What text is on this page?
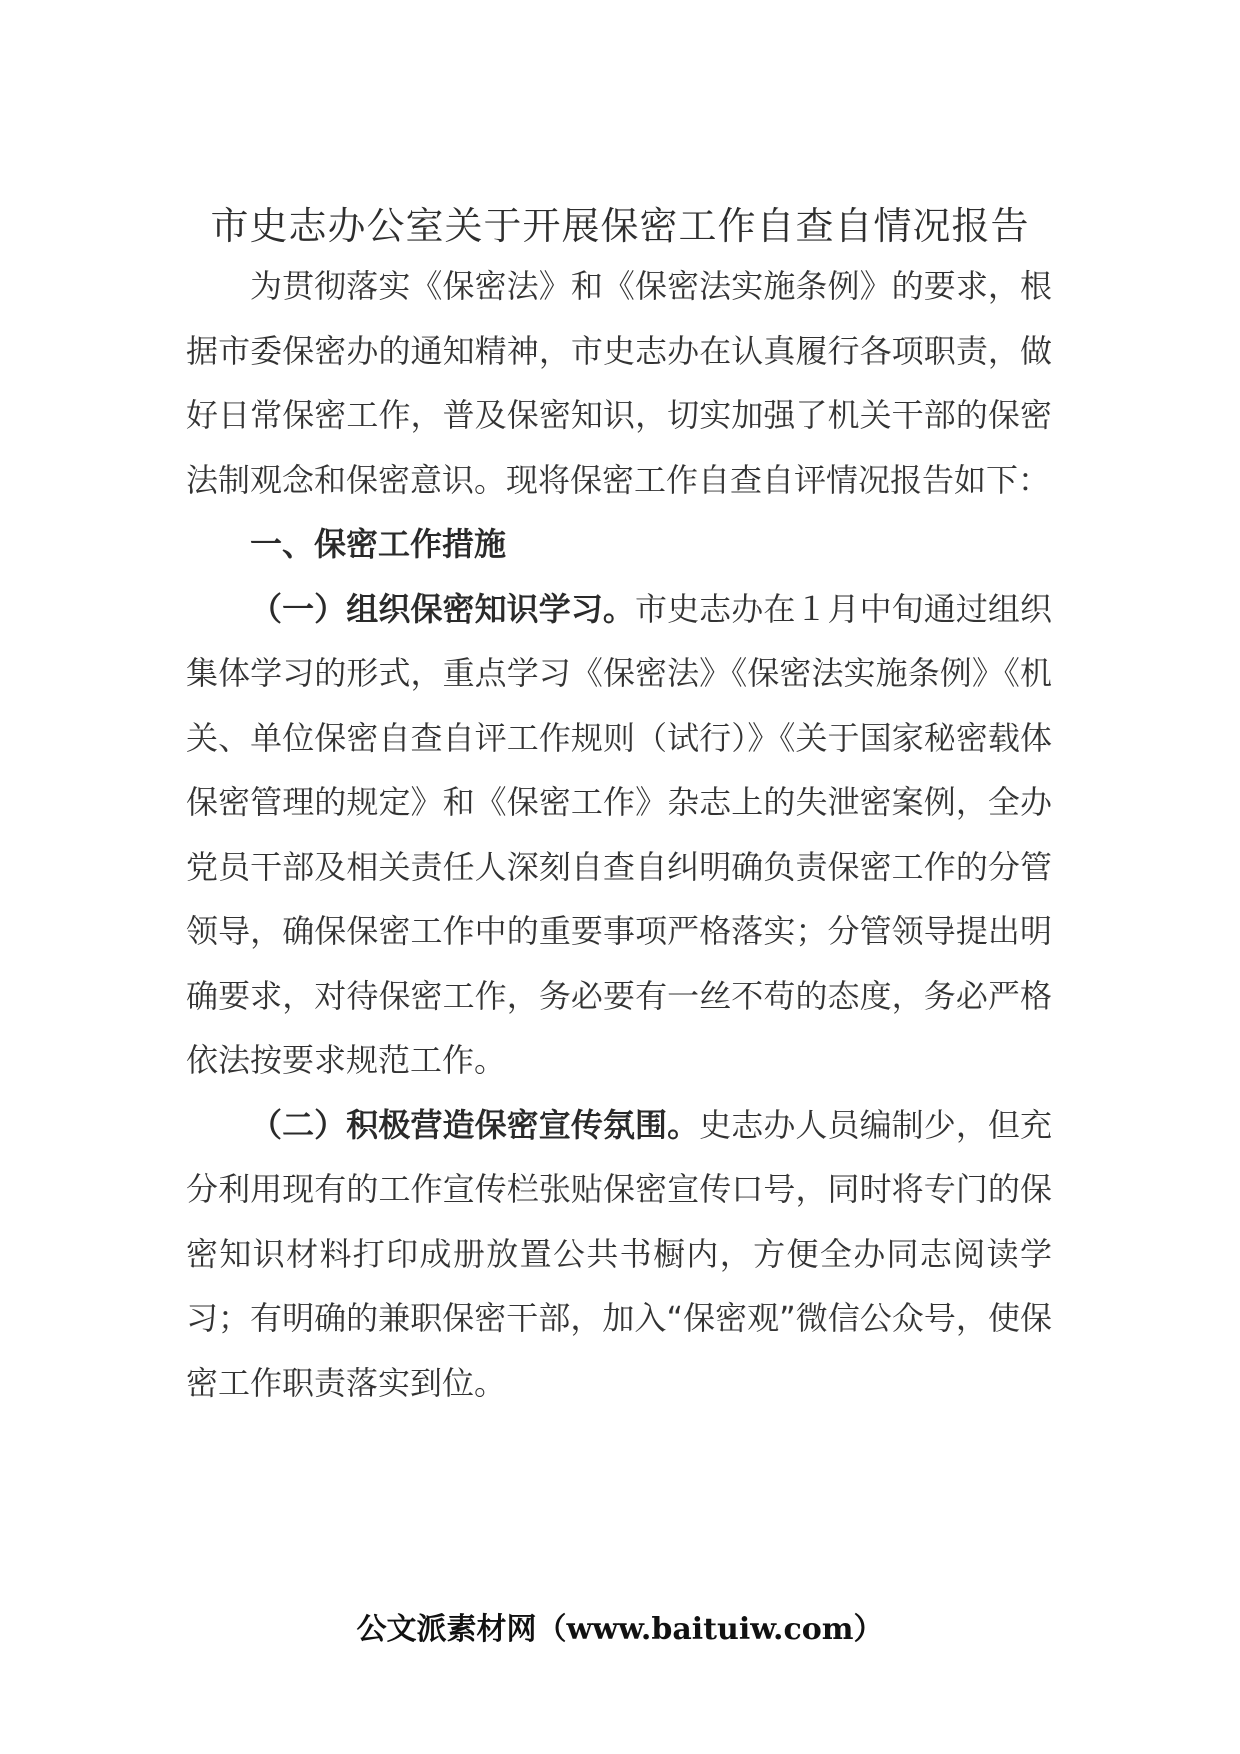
市史志办公室关于开展保密工作自查自情况报告

为贯彻落实《保密法》和《保密法实施条例》的要求，根据市委保密办的通知精神，市史志办在认真履行各项职责，做好日常保密工作，普及保密知识，切实加强了机关干部的保密法制观念和保密意识。现将保密工作自查自评情况报告如下：

一、保密工作措施

（一）组织保密知识学习。市史志办在１月中旬通过组织集体学习的形式，重点学习《保密法》《保密法实施条例》《机关、单位保密自查自评工作规则（试行）》《关于国家秘密载体保密管理的规定》和《保密工作》杂志上的失泄密案例，全办党员干部及相关责任人深刻自查自纠明确负责保密工作的分管领导，确保保密工作中的重要事项严格落实；分管领导提出明确要求，对待保密工作，务必要有一丝不苟的态度，务必严格依法按要求规范工作。

（二）积极营造保密宣传氛围。史志办人员编制少，但充分利用现有的工作宣传栏张贴保密宣传口号，同时将专门的保密知识材料打印成册放置公共书橱内，方便全办同志阅读学习；有明确的兼职保密干部，加入“保密观”微信公众号，使保密工作职责落实到位。

公文派素材网（www.baituiw.com）
